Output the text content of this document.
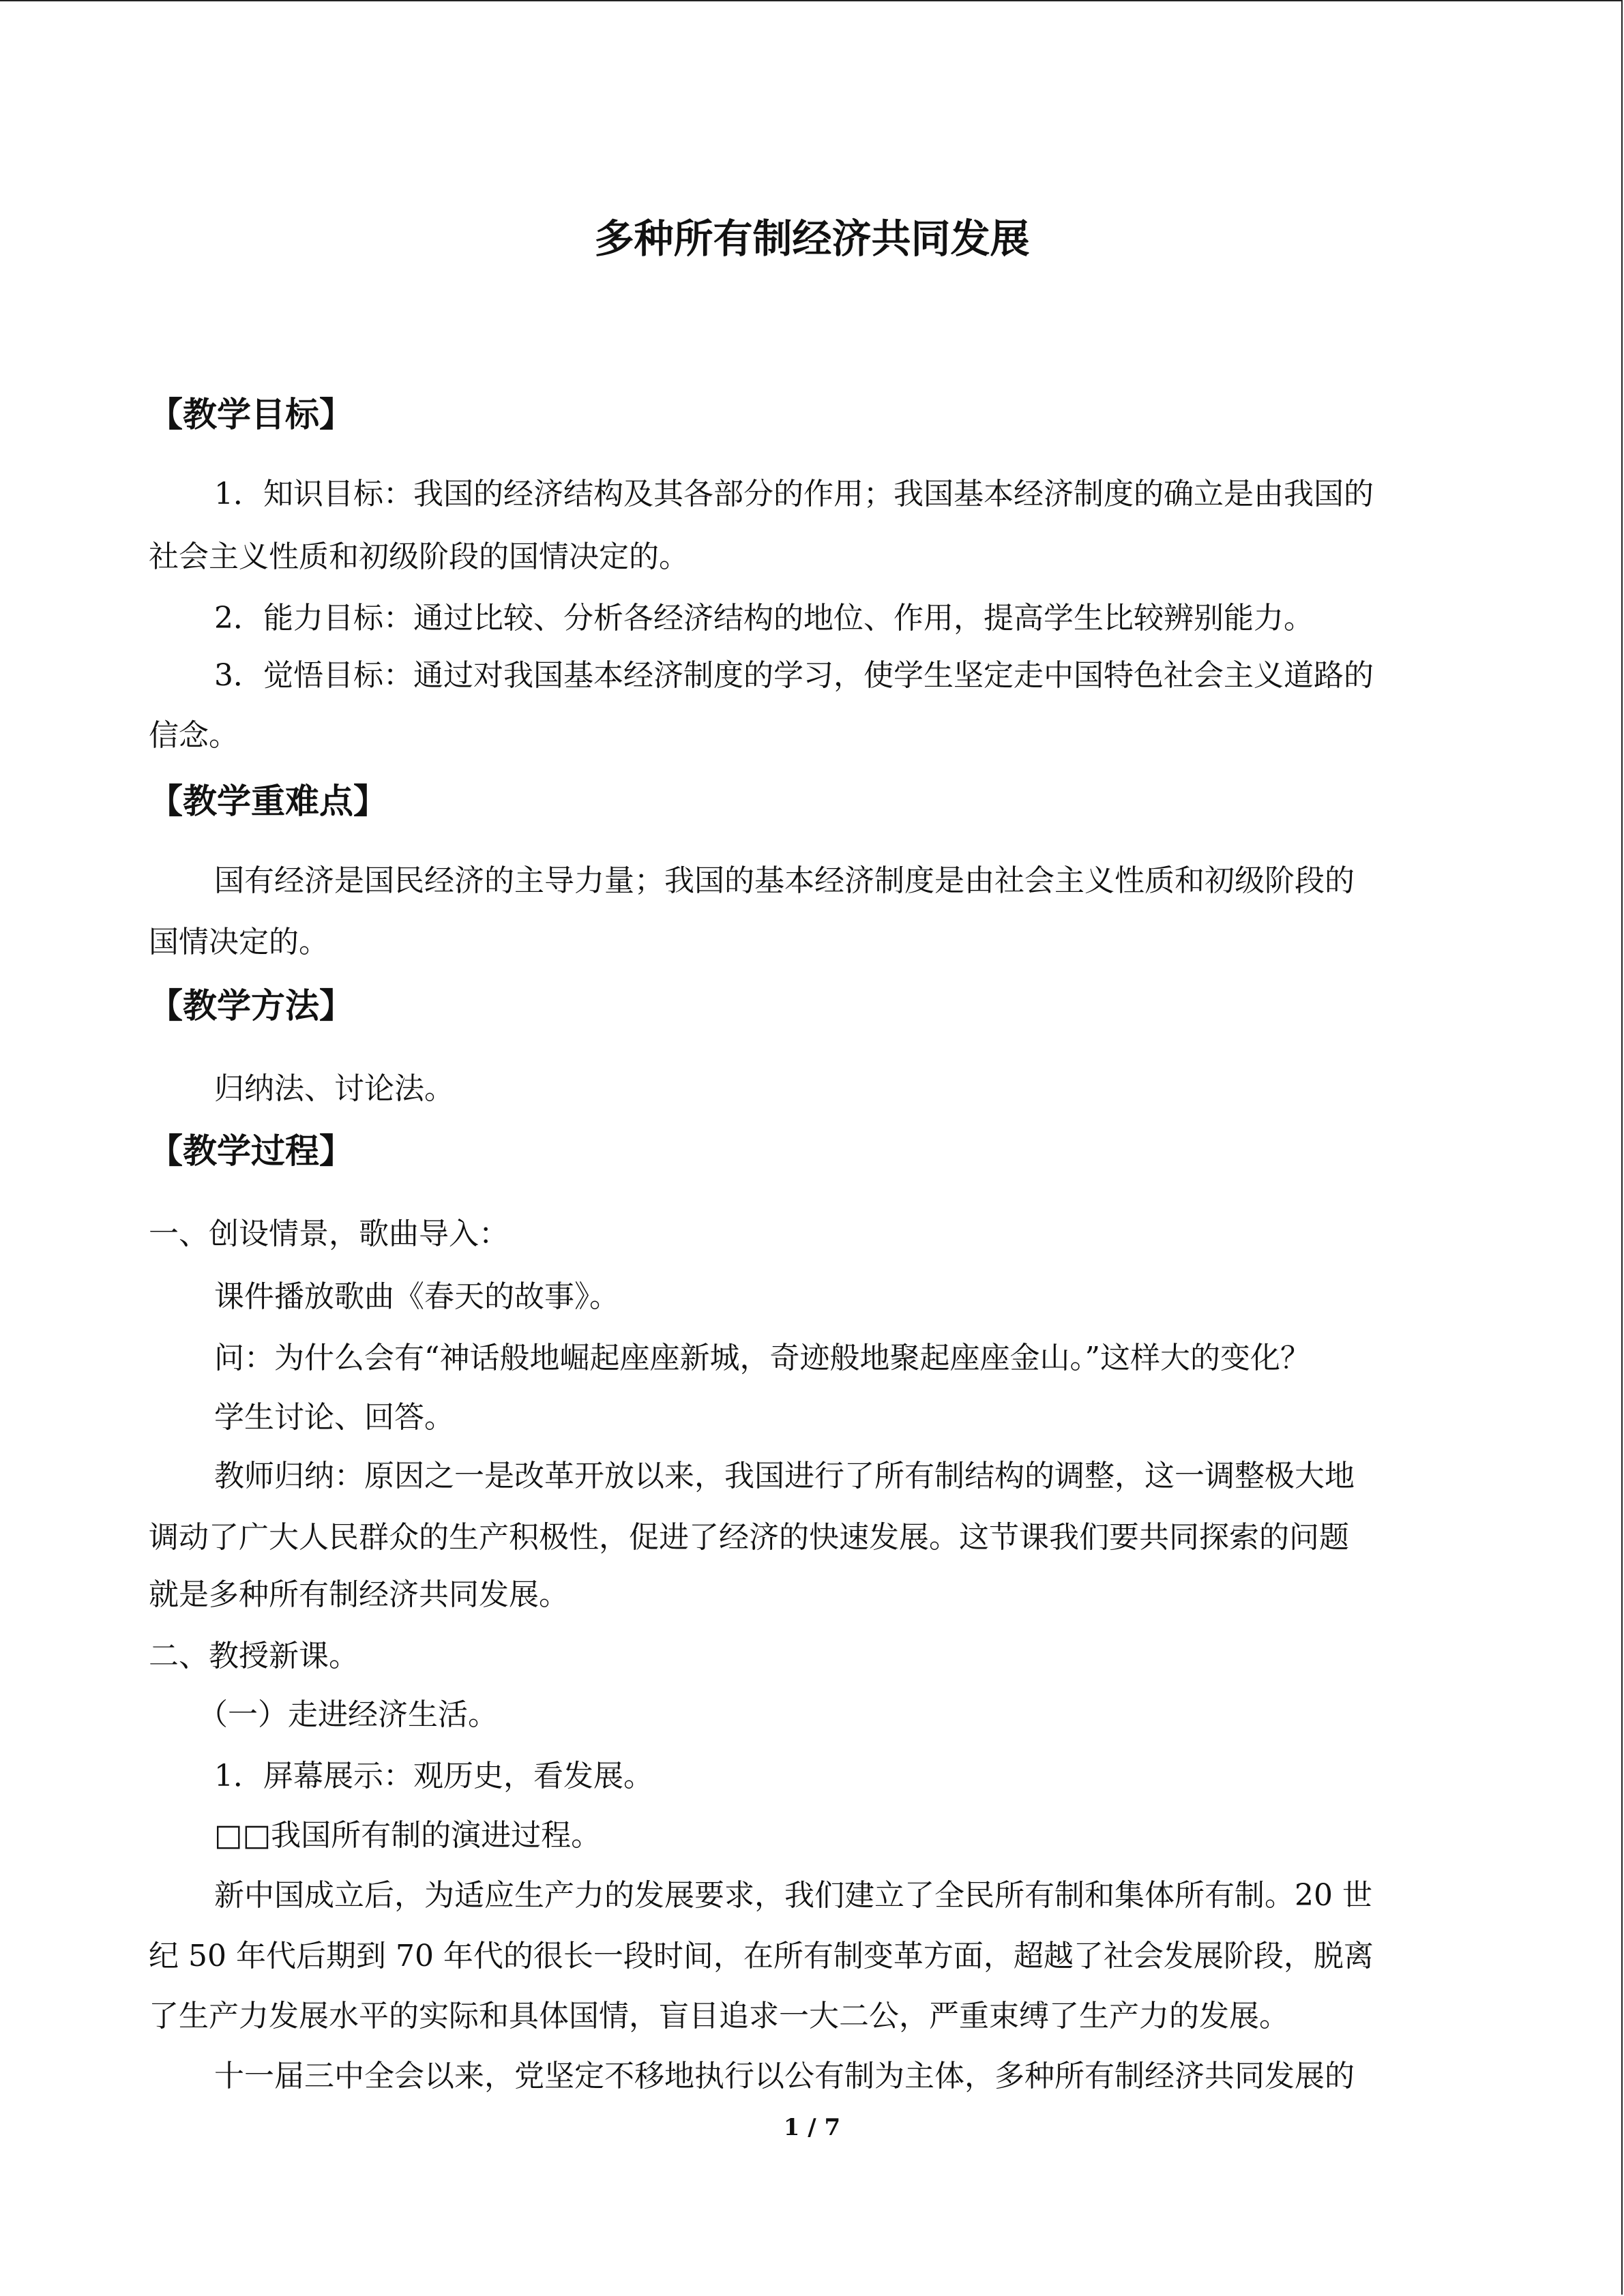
多种所有制经济共同发展
【教学目标】
1．知识目标：我国的经济结构及其各部分的作用；我国基本经济制度的确立是由我国的
社会主义性质和初级阶段的国情决定的。
2．能力目标：通过比较、分析各经济结构的地位、作用，提高学生比较辨别能力。
3．觉悟目标：通过对我国基本经济制度的学习，使学生坚定走中国特色社会主义道路的
信念。
【教学重难点】
国有经济是国民经济的主导力量；我国的基本经济制度是由社会主义性质和初级阶段的
国情决定的。
【教学方法】
归纳法、讨论法。
【教学过程】
一、创设情景，歌曲导入：
课件播放歌曲《春天的故事》。
问：为什么会有“神话般地崛起座座新城，奇迹般地聚起座座金山。”这样大的变化？
学生讨论、回答。
教师归纳：原因之一是改革开放以来，我国进行了所有制结构的调整，这一调整极大地
调动了广大人民群众的生产积极性，促进了经济的快速发展。这节课我们要共同探索的问题
就是多种所有制经济共同发展。
二、教授新课。
（一）走进经济生活。
1．屏幕展示：观历史，看发展。
□□我国所有制的演进过程。
新中国成立后，为适应生产力的发展要求，我们建立了全民所有制和集体所有制。20 世
纪 50 年代后期到 70 年代的很长一段时间，在所有制变革方面，超越了社会发展阶段，脱离
了生产力发展水平的实际和具体国情，盲目追求一大二公，严重束缚了生产力的发展。
十一届三中全会以来，党坚定不移地执行以公有制为主体，多种所有制经济共同发展的
1 / 7
